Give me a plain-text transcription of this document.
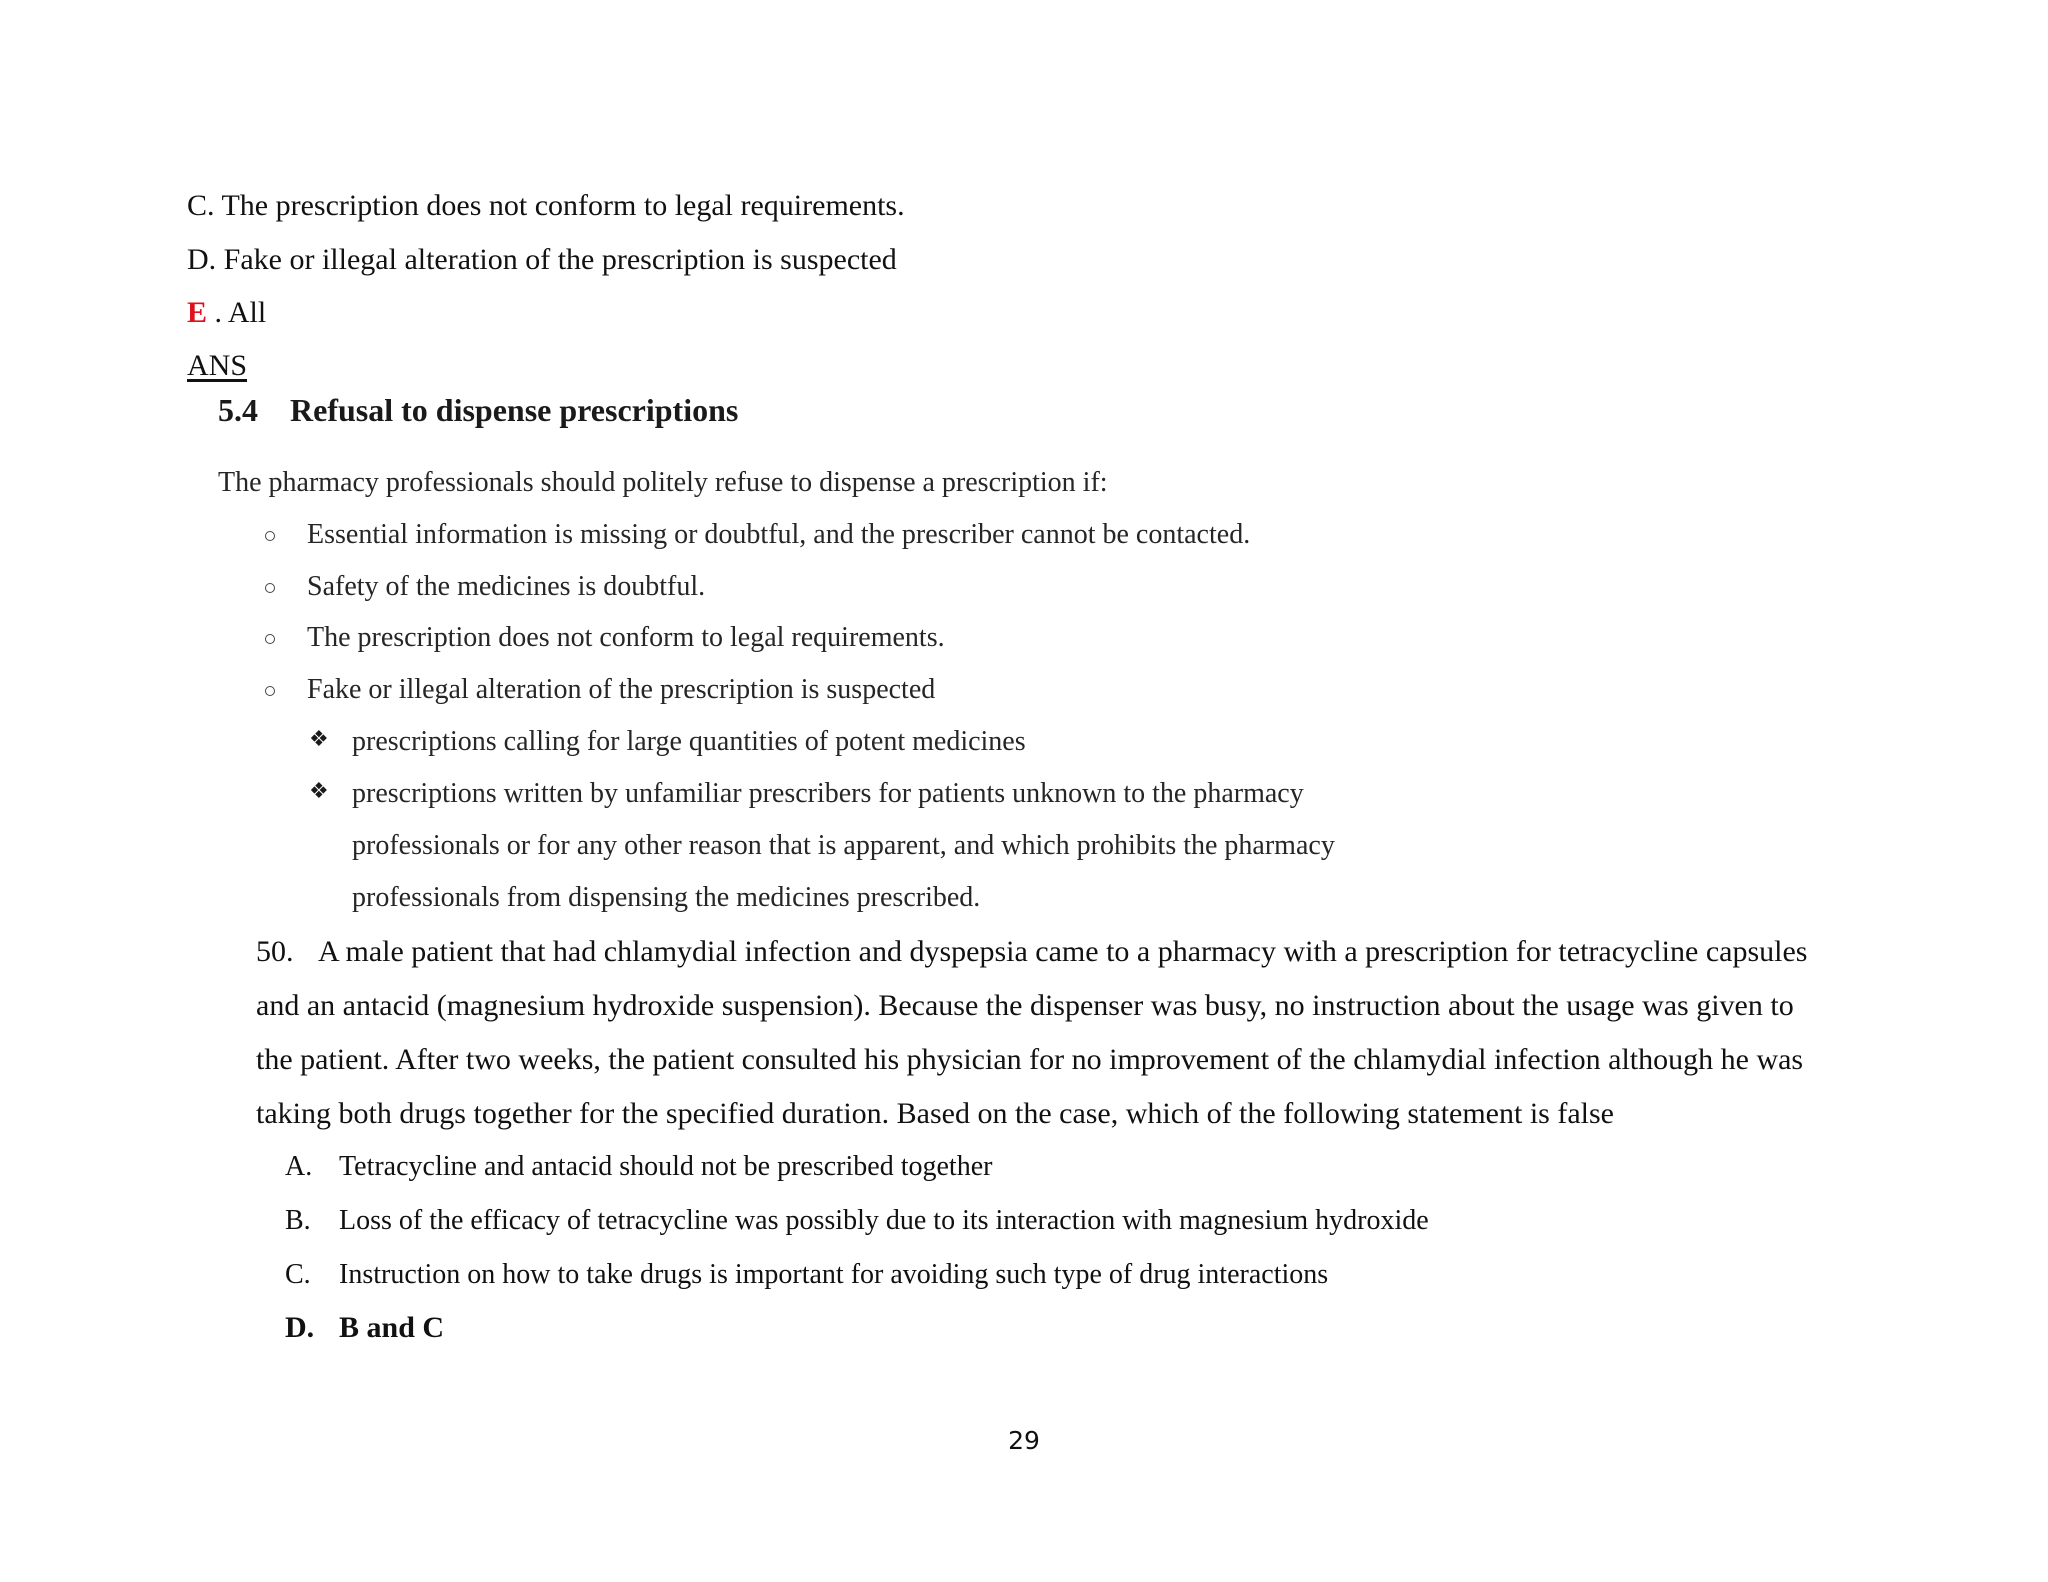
C. The prescription does not conform to legal requirements.
D. Fake or illegal alteration of the prescription is suspected
E . All
ANS
5.4 Refusal to dispense prescriptions
The pharmacy professionals should politely refuse to dispense a prescription if:
Essential information is missing or doubtful, and the prescriber cannot be contacted.
Safety of the medicines is doubtful.
The prescription does not conform to legal requirements.
Fake or illegal alteration of the prescription is suspected
❖ prescriptions calling for large quantities of potent medicines
❖ prescriptions written by unfamiliar prescribers for patients unknown to the pharmacy
professionals or for any other reason that is apparent, and which prohibits the pharmacy
professionals from dispensing the medicines prescribed.
50. A male patient that had chlamydial infection and dyspepsia came to a pharmacy with a prescription for tetracycline capsules
and an antacid (magnesium hydroxide suspension). Because the dispenser was busy, no instruction about the usage was given to
the patient. After two weeks, the patient consulted his physician for no improvement of the chlamydial infection although he was
taking both drugs together for the specified duration. Based on the case, which of the following statement is false
A. Tetracycline and antacid should not be prescribed together
B. Loss of the efficacy of tetracycline was possibly due to its interaction with magnesium hydroxide
C. Instruction on how to take drugs is important for avoiding such type of drug interactions
D. B and C
29
